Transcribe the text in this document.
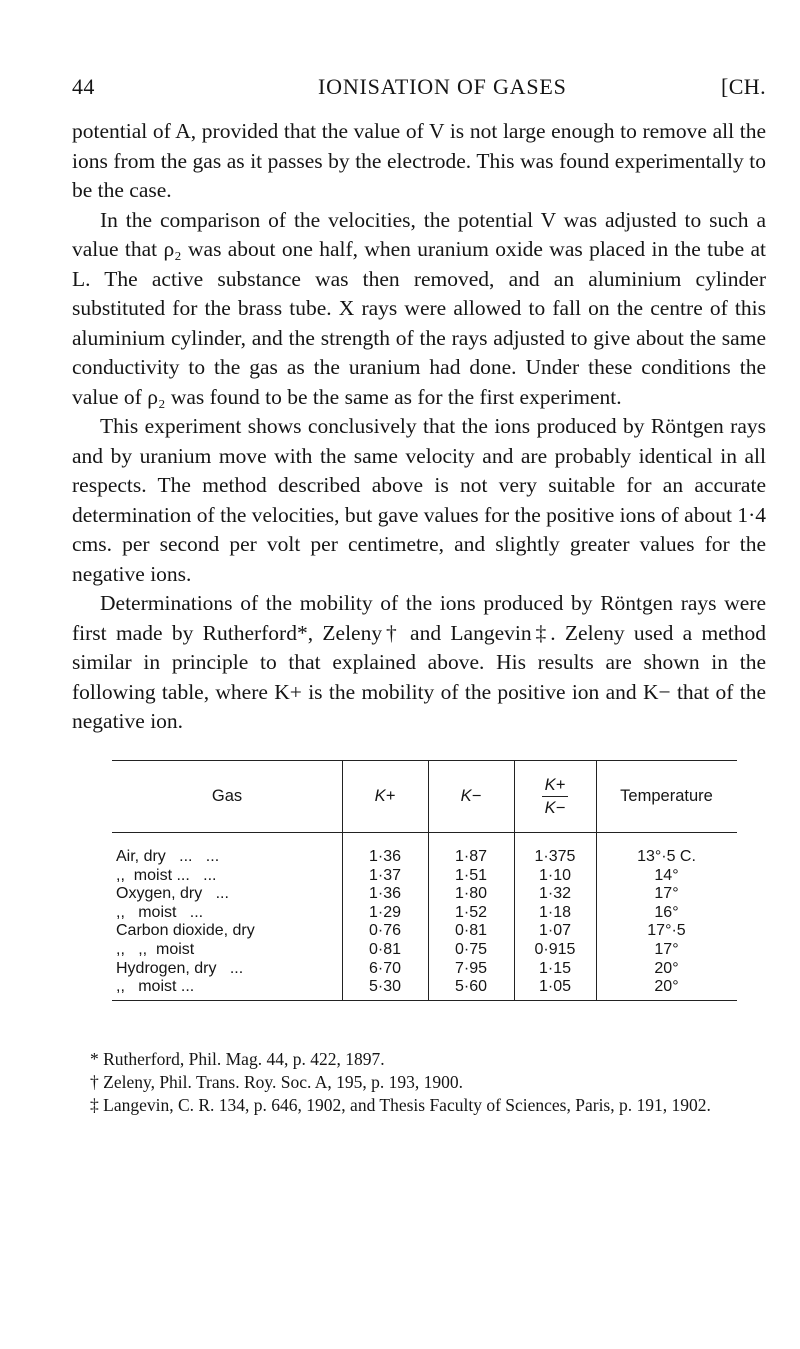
44	IONISATION OF GASES	[CH.

potential of A, provided that the value of V is not large enough to remove all the ions from the gas as it passes by the electrode. This was found experimentally to be the case.

In the comparison of the velocities, the potential V was adjusted to such a value that ρ₂ was about one half, when uranium oxide was placed in the tube at L. The active substance was then removed, and an aluminium cylinder substituted for the brass tube. X rays were allowed to fall on the centre of this aluminium cylinder, and the strength of the rays adjusted to give about the same conductivity to the gas as the uranium had done. Under these conditions the value of ρ₂ was found to be the same as for the first experiment.

This experiment shows conclusively that the ions produced by Röntgen rays and by uranium move with the same velocity and are probably identical in all respects. The method described above is not very suitable for an accurate determination of the velocities, but gave values for the positive ions of about 1·4 cms. per second per volt per centimetre, and slightly greater values for the negative ions.

Determinations of the mobility of the ions produced by Röntgen rays were first made by Rutherford*, Zeleny† and Langevin‡. Zeleny used a method similar in principle to that explained above. His results are shown in the following table, where K+ is the mobility of the positive ion and K− that of the negative ion.

Gas	K+	K−	$\frac{K+}{K-}$	Temperature
Air, dry   ...   ...	1·36	1·87	1·375	13°·5 C.
,,  moist ...   ...	1·37	1·51	1·10	14°
Oxygen, dry   ...	1·36	1·80	1·32	17°
,,   moist   ...	1·29	1·52	1·18	16°
Carbon dioxide, dry	0·76	0·81	1·07	17°·5
,,   ,,  moist	0·81	0·75	0·915	17°
Hydrogen, dry   ...	6·70	7·95	1·15	20°
,,   moist ...	5·30	5·60	1·05	20°

* Rutherford, Phil. Mag. 44, p. 422, 1897.

† Zeleny, Phil. Trans. Roy. Soc. A, 195, p. 193, 1900.

‡ Langevin, C. R. 134, p. 646, 1902, and Thesis Faculty of Sciences, Paris, p. 191, 1902.
